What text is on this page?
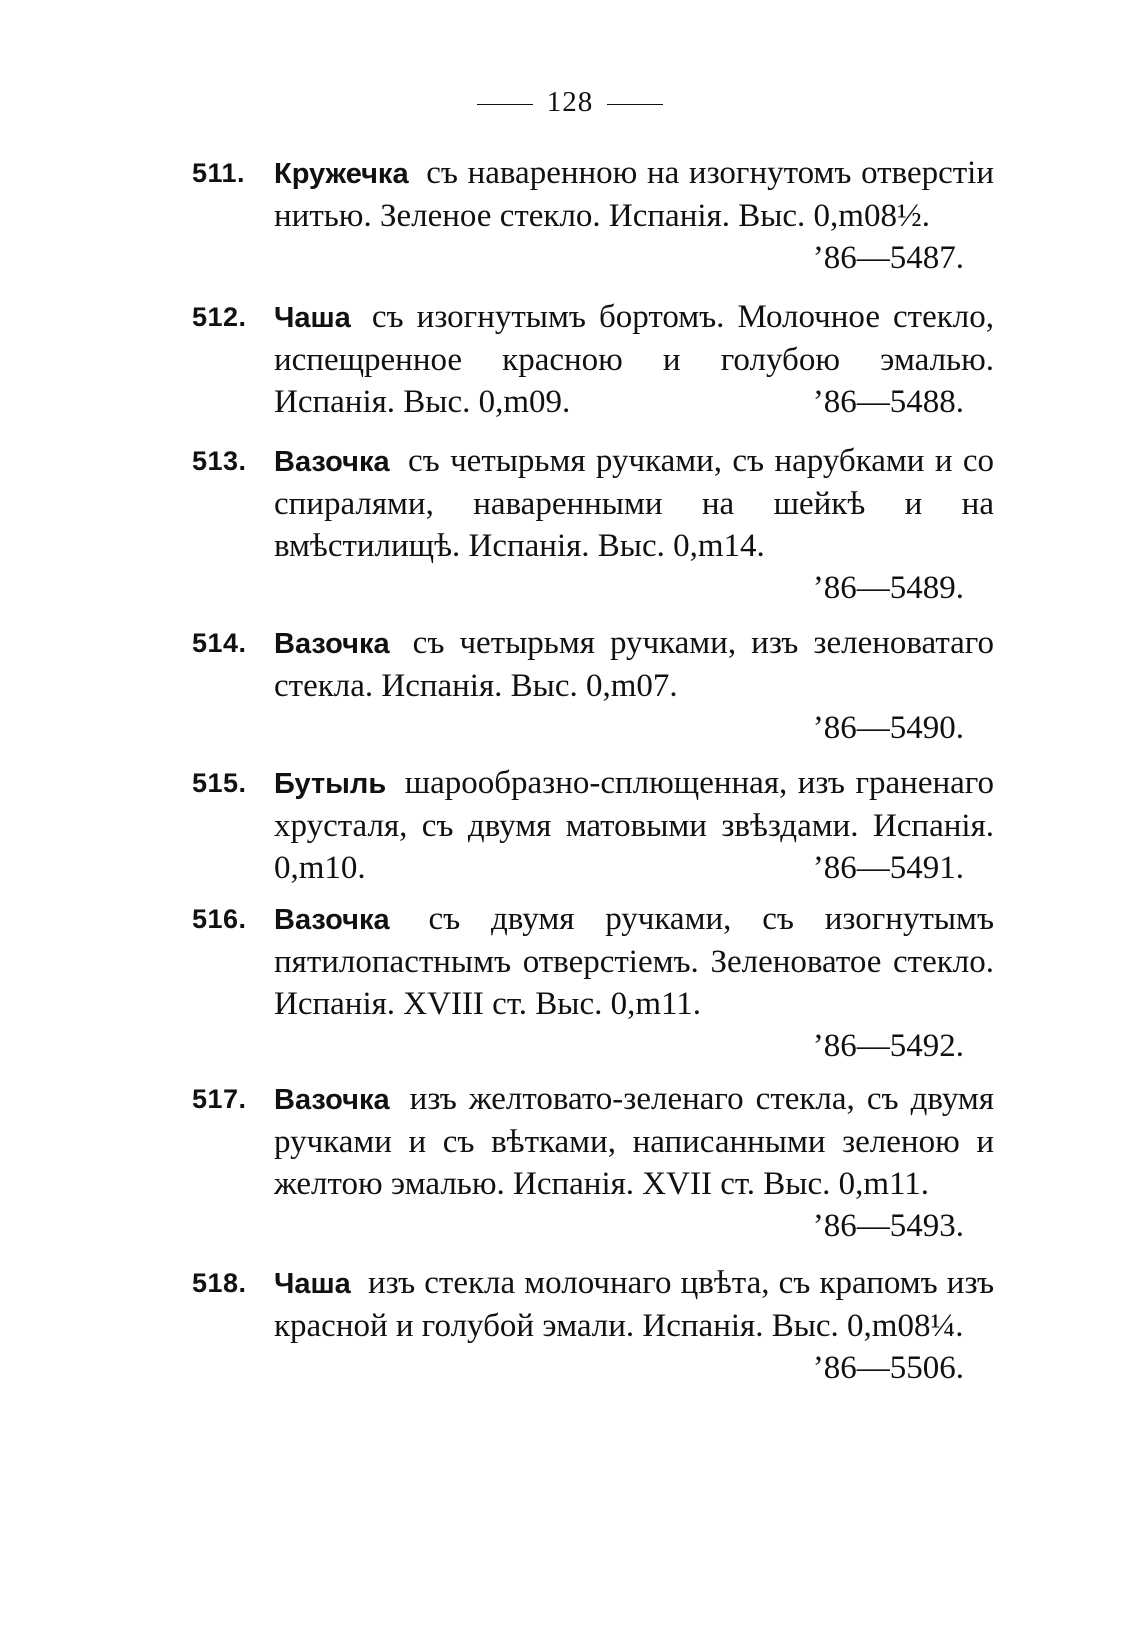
128
511. Кружечка съ наваренною на изогнутомъ отверстiи нитью. Зеленое стекло. Испанiя. Выс. 0,m08½.
’86—5487.
512. Чаша съ изогнутымъ бортомъ. Молочное стекло, испещренное красною и голубою эмалью. Испанiя. Выс. 0,m09.	’86—5488.
513. Вазочка съ четырьмя ручками, съ нарубками и со спиралями, наваренными на шейкѣ и на вмѣстилищѣ. Испанiя. Выс. 0,m14.
’86—5489.
514. Вазочка съ четырьмя ручками, изъ зеленоватаго стекла. Испанiя. Выс. 0,m07.
’86—5490.
515. Бутыль шарообразно-сплющенная, изъ граненаго хрусталя, съ двумя матовыми звѣздами. Испанiя. 0,m10.	’86—5491.
516. Вазочка съ двумя ручками, съ изогнутымъ пятилопастнымъ отверстiемъ. Зеленоватое стекло. Испанiя. XVIII ст. Выс. 0,m11.
’86—5492.
517. Вазочка изъ желтовато-зеленаго стекла, съ двумя ручками и съ вѣтками, написанными зеленою и желтою эмалью. Испанiя. XVII ст. Выс. 0,m11.
’86—5493.
518. Чаша изъ стекла молочнаго цвѣта, съ крапомъ изъ красной и голубой эмали. Испанiя. Выс. 0,m08¼.
’86—5506.
